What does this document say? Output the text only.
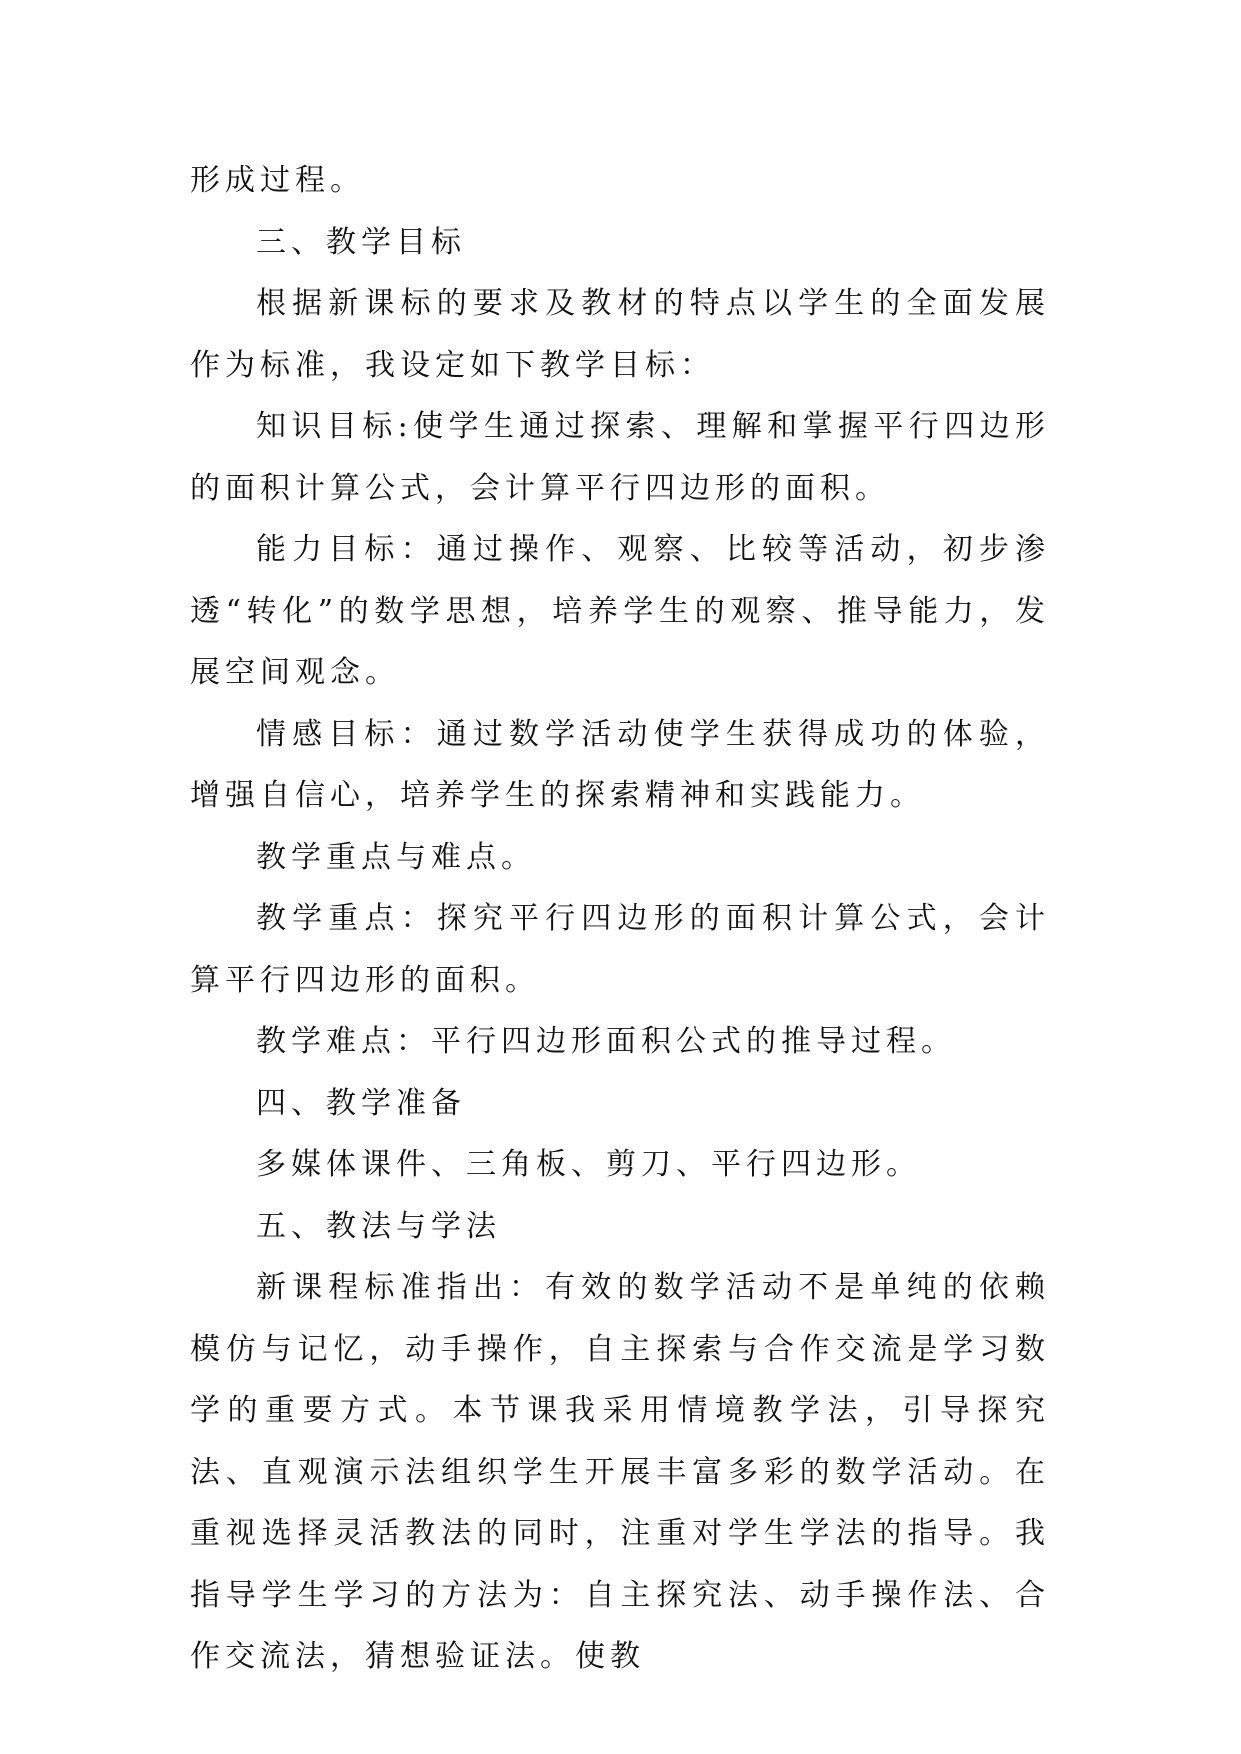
形成过程。

三、教学目标

根据新课标的要求及教材的特点以学生的全面发展作为标准，我设定如下教学目标：

知识目标:使学生通过探索、理解和掌握平行四边形的面积计算公式，会计算平行四边形的面积。

能力目标：通过操作、观察、比较等活动，初步渗透“转化”的数学思想，培养学生的观察、推导能力，发展空间观念。

情感目标：通过数学活动使学生获得成功的体验，增强自信心，培养学生的探索精神和实践能力。

教学重点与难点。

教学重点：探究平行四边形的面积计算公式，会计算平行四边形的面积。

教学难点：平行四边形面积公式的推导过程。

四、教学准备

多媒体课件、三角板、剪刀、平行四边形。

五、教法与学法

新课程标准指出：有效的数学活动不是单纯的依赖模仿与记忆，动手操作，自主探索与合作交流是学习数学的重要方式。本节课我采用情境教学法，引导探究法、直观演示法组织学生开展丰富多彩的数学活动。在重视选择灵活教法的同时，注重对学生学法的指导。我指导学生学习的方法为：自主探究法、动手操作法、合作交流法，猜想验证法。使教
